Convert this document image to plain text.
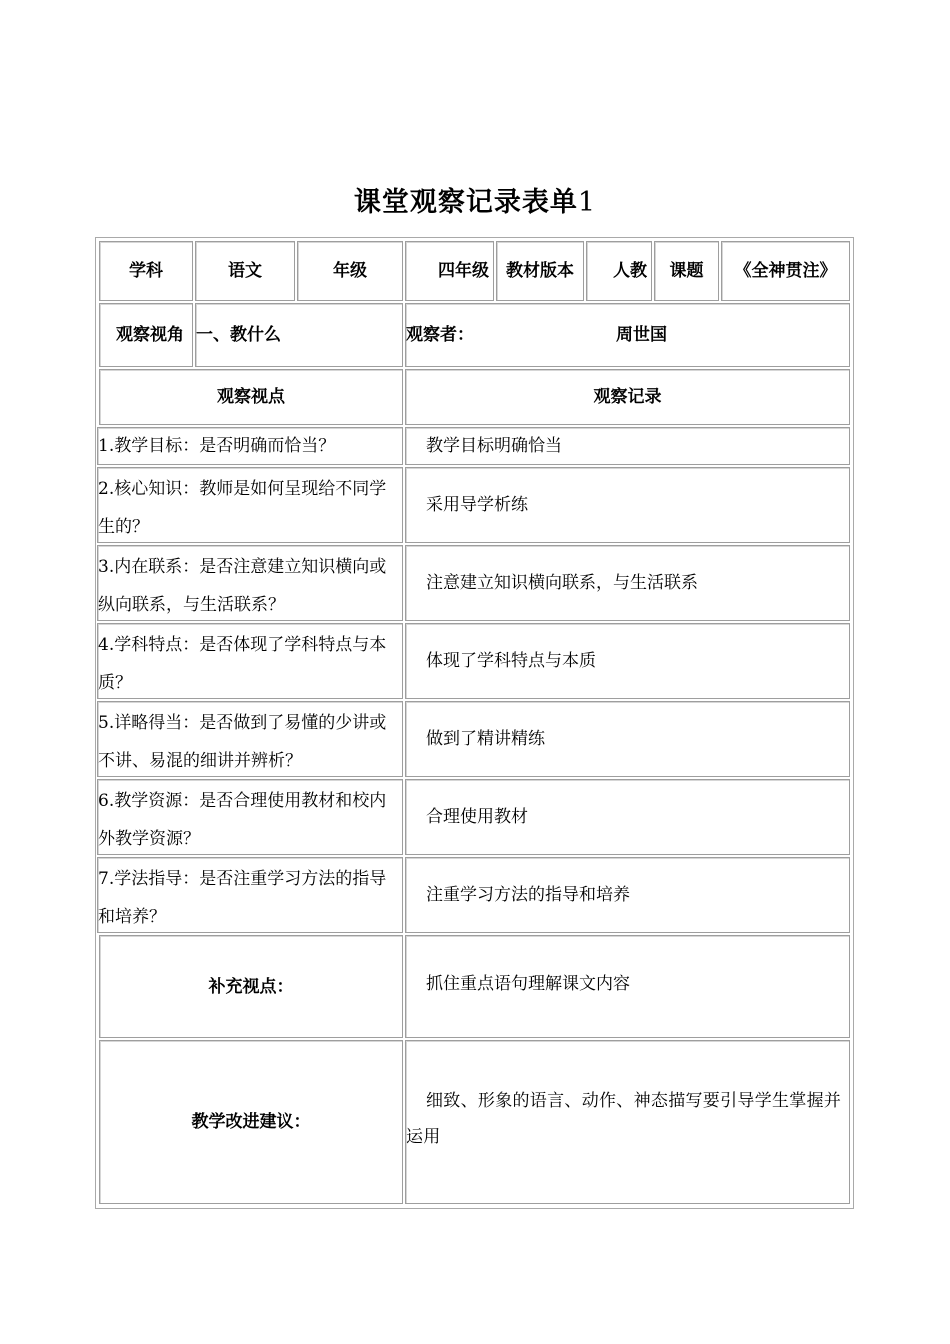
课堂观察记录表单1
学科	语文	年级	四年级	教材版本	人教	课题	《全神贯注》
观察视角 一、教什么	观察者：	周世国
观察视点	观察记录
1.教学目标：是否明确而恰当？	教学目标明确恰当
2.核心知识：教师是如何呈现给不同学生的？
采用导学析练
3.内在联系：是否注意建立知识横向或纵向联系，与生活联系？
注意建立知识横向联系，与生活联系
4.学科特点：是否体现了学科特点与本质？
体现了学科特点与本质
5.详略得当：是否做到了易懂的少讲或不讲、易混的细讲并辨析？
做到了精讲精练
6.教学资源：是否合理使用教材和校内外教学资源？
合理使用教材
7.学法指导：是否注重学习方法的指导和培养？
注重学习方法的指导和培养
补充视点：	抓住重点语句理解课文内容
教学改进建议：
细致、形象的语言、动作、神态描写要引导学生掌握并运用
